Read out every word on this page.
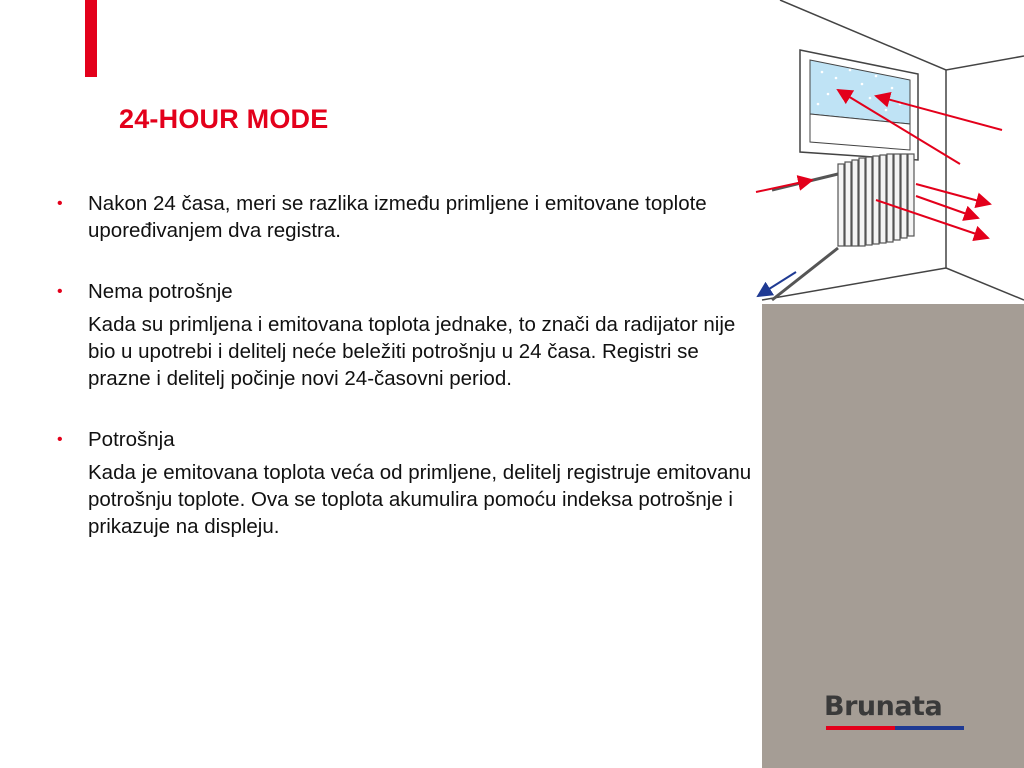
24-HOUR MODE
•	Nakon 24 časa, meri se razlika između primljene i emitovane toplote upoređivanjem dva registra.
•	Nema potrošnje
Kada su primljena i emitovana toplota jednake, to znači da radijator nije bio u upotrebi i delitelj neće beležiti potrošnju u 24 časa. Registri se prazne i delitelj počinje novi 24-časovni period.
•	Potrošnja
Kada je emitovana toplota veća od primljene, delitelj registruje emitovanu potrošnju toplote. Ova se toplota akumulira pomoću indeksa potrošnje i prikazuje na displeju.
Brunata
